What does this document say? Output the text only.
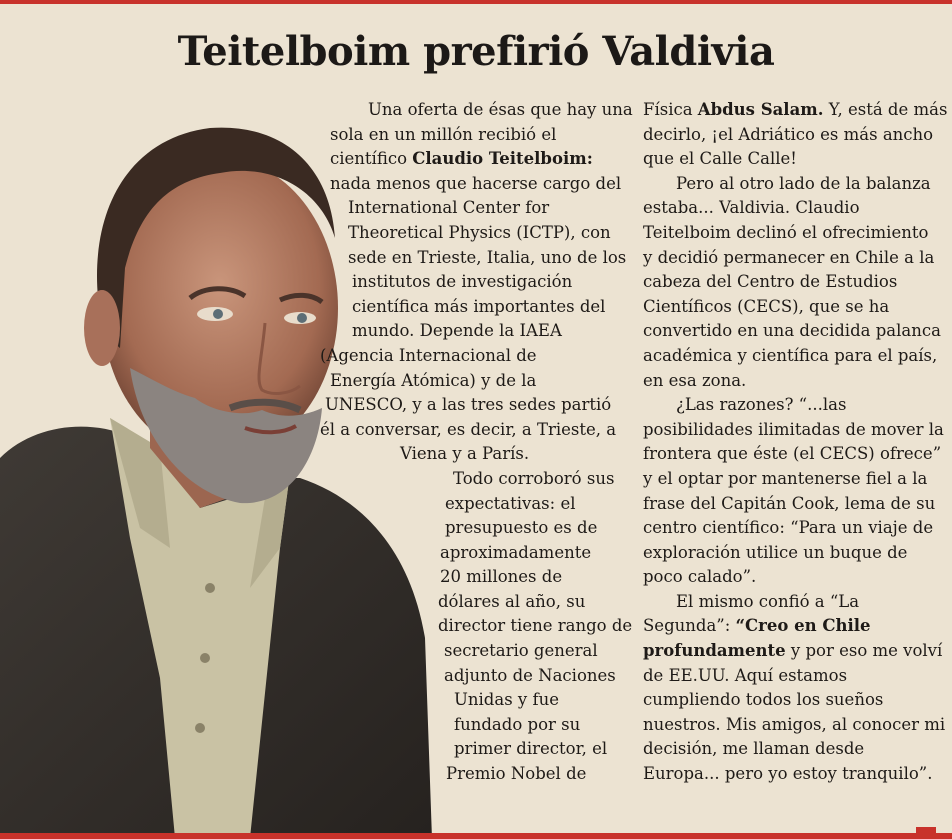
Teitelboim prefirió Valdivia
Una oferta de ésas que hay una
sola en un millón recibió el
científico Claudio Teitelboim:
nada menos que hacerse cargo del
International Center for
Theoretical Physics (ICTP), con
sede en Trieste, Italia, uno de los
institutos de investigación
científica más importantes del
mundo. Depende la IAEA
(Agencia Internacional de
Energía Atómica) y de la
UNESCO, y a las tres sedes partió
él a conversar, es decir, a Trieste, a
Viena y a París.
Todo corroboró sus
expectativas: el
presupuesto es de
aproximadamente
20 millones de
dólares al año, su
director tiene rango de
secretario general
adjunto de Naciones
Unidas y fue
fundado por su
primer director, el
Premio Nobel de
Física Abdus Salam. Y, está de más
decirlo, ¡el Adriático es más ancho
que el Calle Calle!
Pero al otro lado de la balanza
estaba... Valdivia. Claudio
Teitelboim declinó el ofrecimiento
y decidió permanecer en Chile a la
cabeza del Centro de Estudios
Científicos (CECS), que se ha
convertido en una decidida palanca
académica y científica para el país,
en esa zona.
¿Las razones? “...las
posibilidades ilimitadas de mover la
frontera que éste (el CECS) ofrece”
y el optar por mantenerse fiel a la
frase del Capitán Cook, lema de su
centro científico: “Para un viaje de
exploración utilice un buque de
poco calado”.
El mismo confió a “La
Segunda”: “Creo en Chile
profundamente y por eso me volví
de EE.UU. Aquí estamos
cumpliendo todos los sueños
nuestros. Mis amigos, al conocer mi
decisión, me llaman desde
Europa... pero yo estoy tranquilo”.
